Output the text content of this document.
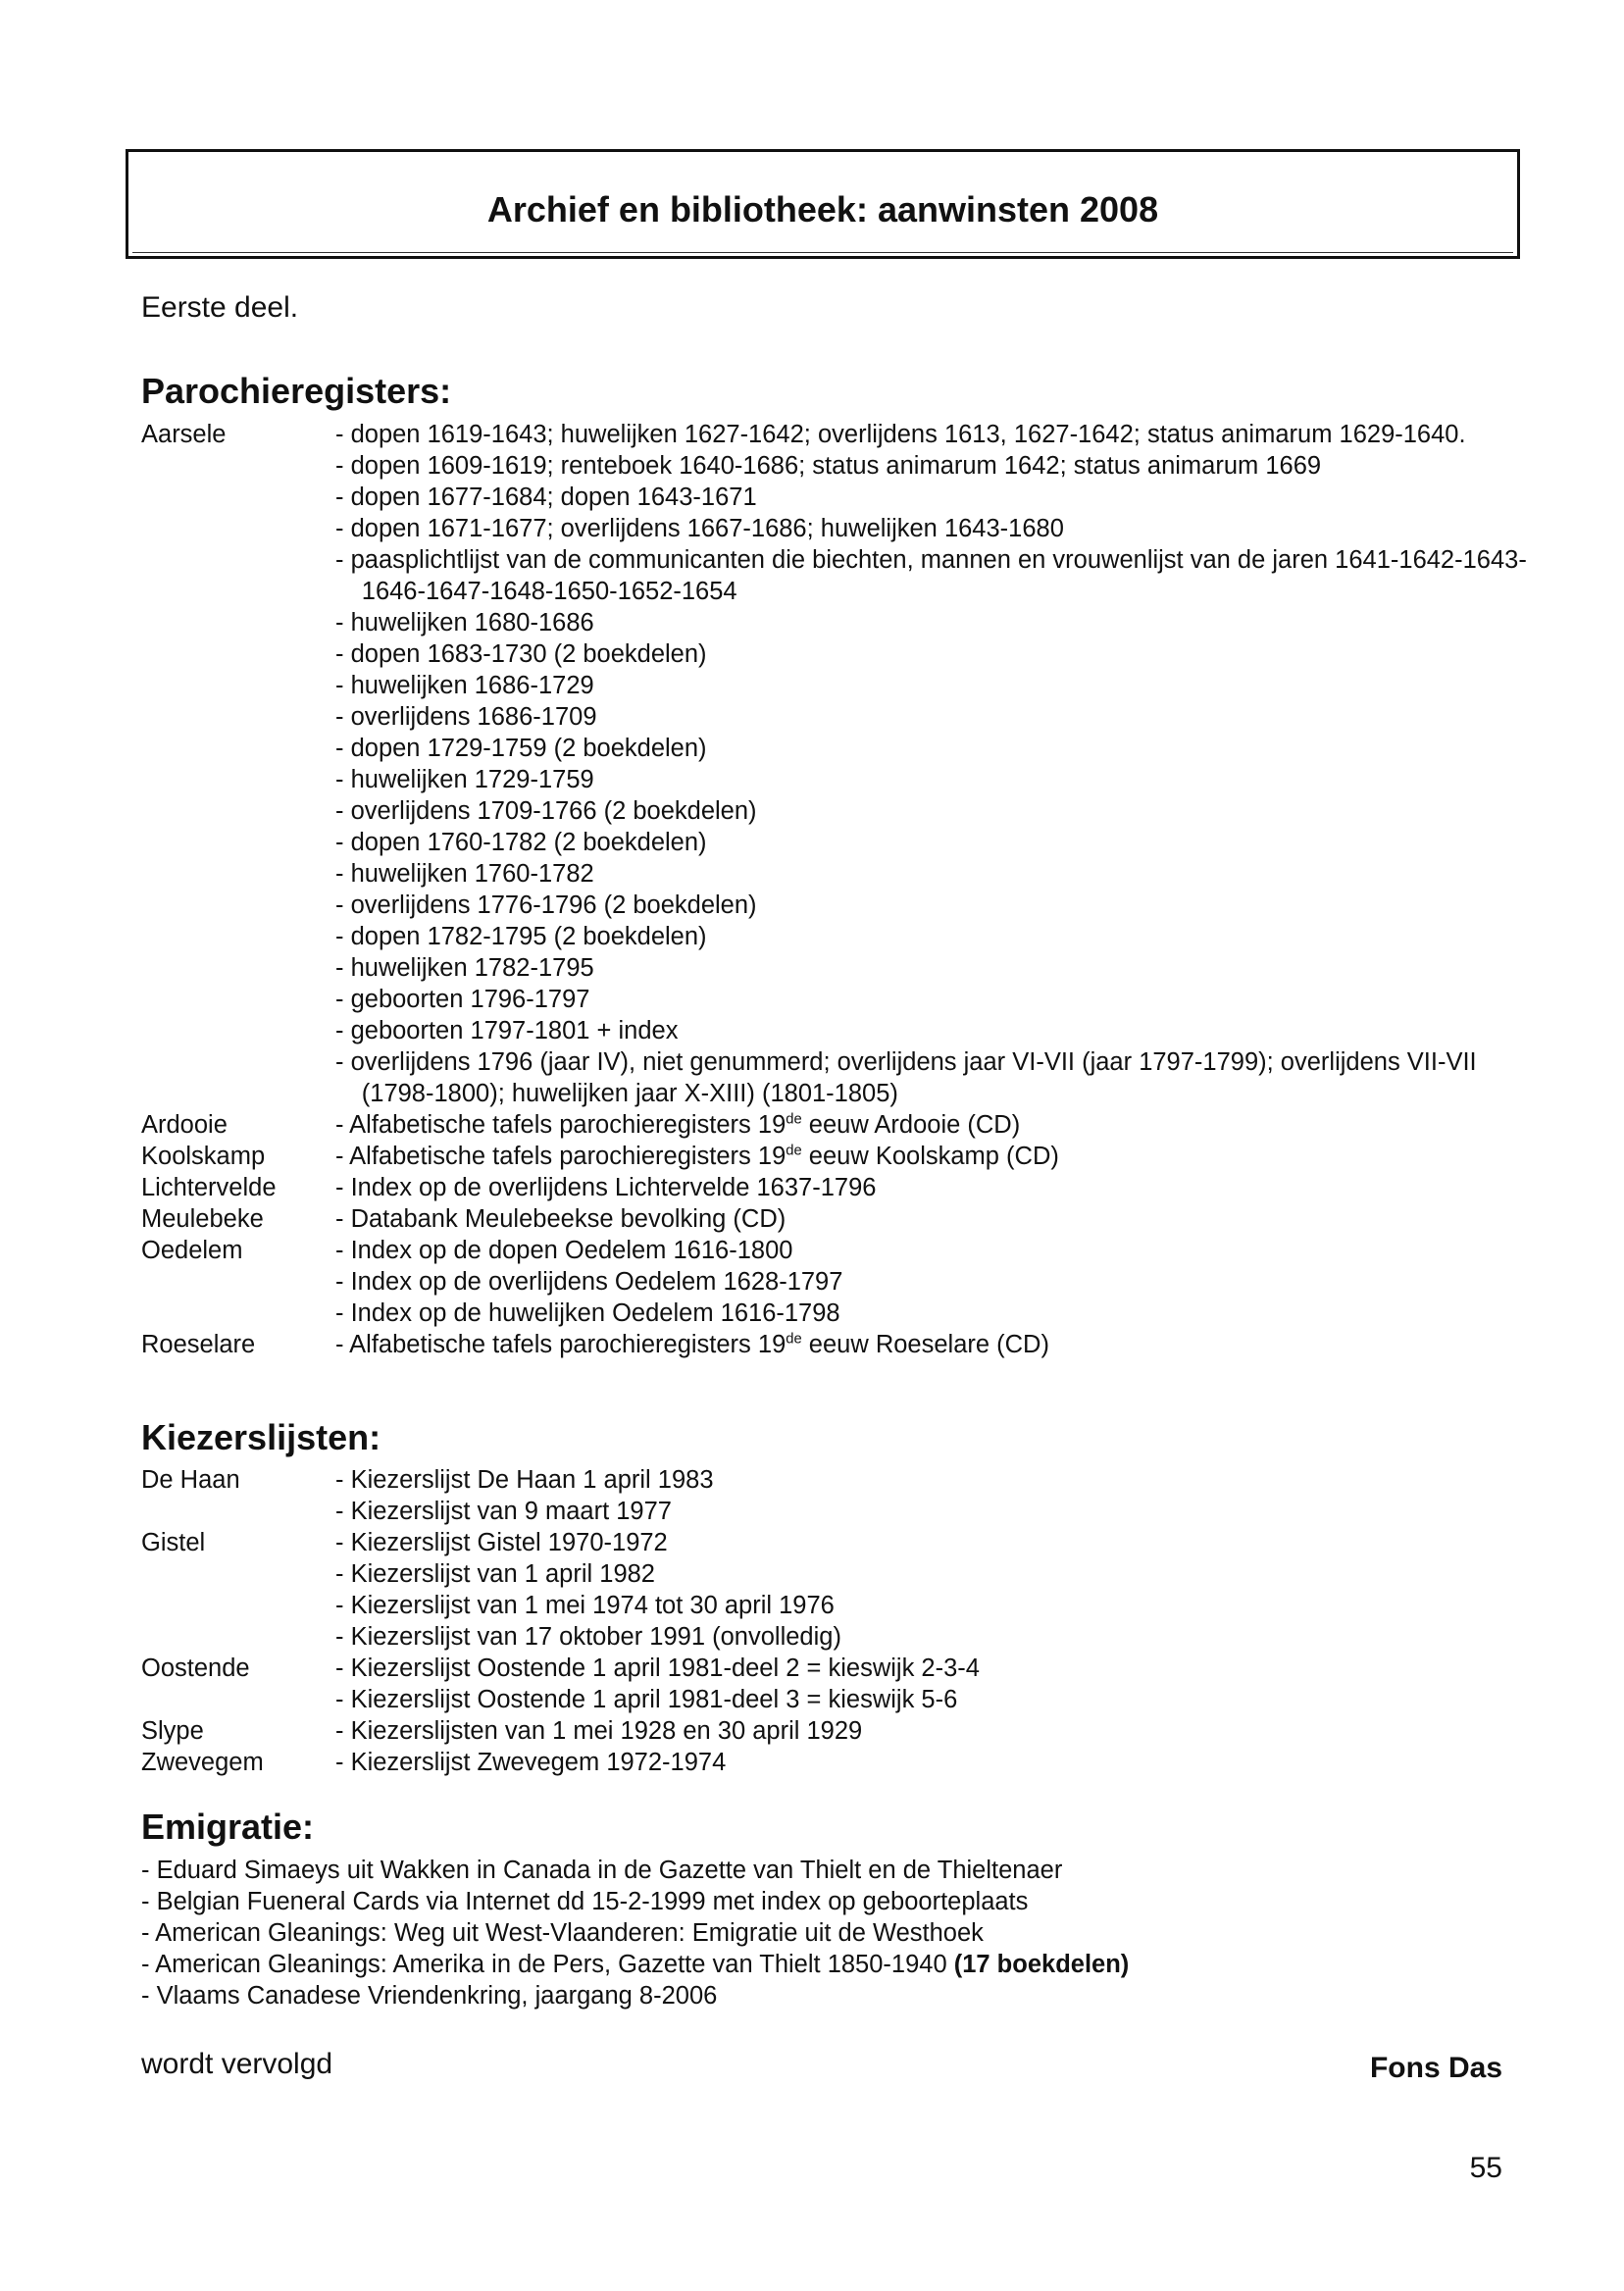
Archief en bibliotheek: aanwinsten 2008
Eerste deel.
Parochieregisters:
Aarsele	- dopen 1619-1643; huwelijken 1627-1642; overlijdens 1613, 1627-1642; status animarum 1629-1640.
- dopen 1609-1619; renteboek 1640-1686; status animarum 1642; status animarum 1669
- dopen 1677-1684; dopen 1643-1671
- dopen 1671-1677; overlijdens 1667-1686; huwelijken 1643-1680
- paasplichtlijst van de communicanten die biechten, mannen en vrouwenlijst van de jaren 1641-1642-1643-1646-1647-1648-1650-1652-1654
- huwelijken 1680-1686
- dopen 1683-1730 (2 boekdelen)
- huwelijken 1686-1729
- overlijdens 1686-1709
- dopen 1729-1759 (2 boekdelen)
- huwelijken 1729-1759
- overlijdens 1709-1766 (2 boekdelen)
- dopen 1760-1782 (2 boekdelen)
- huwelijken 1760-1782
- overlijdens 1776-1796 (2 boekdelen)
- dopen 1782-1795 (2 boekdelen)
- huwelijken 1782-1795
- geboorten 1796-1797
- geboorten 1797-1801 + index
- overlijdens 1796 (jaar IV), niet genummerd; overlijdens jaar VI-VII (jaar 1797-1799); overlijdens VII-VII (1798-1800); huwelijken jaar X-XIII) (1801-1805)
Ardooie	- Alfabetische tafels parochieregisters 19de eeuw Ardooie (CD)
Koolskamp	- Alfabetische tafels parochieregisters 19de eeuw Koolskamp (CD)
Lichtervelde	- Index op de overlijdens Lichtervelde 1637-1796
Meulebeke	- Databank Meulebeekse bevolking (CD)
Oedelem	- Index op de dopen Oedelem 1616-1800
- Index op de overlijdens Oedelem 1628-1797
- Index op de huwelijken Oedelem 1616-1798
Roeselare	- Alfabetische tafels parochieregisters 19de eeuw Roeselare (CD)
Kiezerslijsten:
De Haan	- Kiezerslijst De Haan 1 april 1983
- Kiezerslijst van 9 maart 1977
Gistel	- Kiezerslijst Gistel 1970-1972
- Kiezerslijst van 1 april 1982
- Kiezerslijst van 1 mei 1974 tot 30 april 1976
- Kiezerslijst van 17 oktober 1991 (onvolledig)
Oostende	- Kiezerslijst Oostende 1 april 1981-deel 2 = kieswijk 2-3-4
- Kiezerslijst Oostende 1 april 1981-deel 3 = kieswijk 5-6
Slype	- Kiezerslijsten van 1 mei 1928 en 30 april 1929
Zwevegem	- Kiezerslijst Zwevegem 1972-1974
Emigratie:
- Eduard Simaeys uit Wakken in Canada in de Gazette van Thielt en de Thieltenaer
- Belgian Fueneral Cards via Internet dd 15-2-1999 met index op geboorteplaats
- American Gleanings: Weg uit West-Vlaanderen: Emigratie uit de Westhoek
- American Gleanings: Amerika in de Pers, Gazette van Thielt 1850-1940 (17 boekdelen)
- Vlaams Canadese Vriendenkring, jaargang 8-2006
wordt vervolgd	Fons Das
55
